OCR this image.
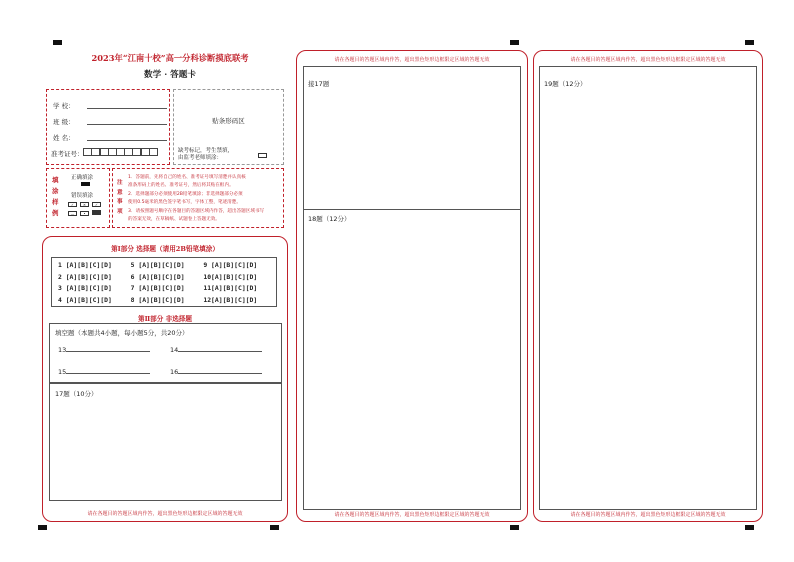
2023年“江南十校”高一分科诊断摸底联考
数学 · 答题卡
学 校：
班 级：
姓 名：
准考证号：
贴条形码区
缺考标记，考生禁填，
由监考老师填涂：
填涂样例
正确填涂
错误填涂
✓	✕	✓
—	•
注意事项
1．答题前，先将自己的姓名、准考证号填写清楚并认真核
准条形码上的姓名、准考证号，然后将其贴在框内。
2．选择题部分必须使用2B铅笔填涂；非选择题部分必须
使用0.5毫米的黑色签字笔书写，字体工整，笔迹清楚。
3．请按照题号顺序在各题目的答题区域内作答，超出答题区域书写
的答案无效，在草稿纸、试题卷上答题无效。
第Ⅰ部分 选择题（请用2B铅笔填涂）
1 [A][B][C][D]	5 [A][B][C][D]	9 [A][B][C][D]
2 [A][B][C][D]	6 [A][B][C][D]	10[A][B][C][D]
3 [A][B][C][D]	7 [A][B][C][D]	11[A][B][C][D]
4 [A][B][C][D]	8 [A][B][C][D]	12[A][B][C][D]
第Ⅱ部分 非选择题
填空题（本题共4小题，每小题5分，共20分）
13	14
15	16
17题（10分）
请在各题目的答题区域内作答，超出黑色矩形边框限定区域的答题无效
请在各题目的答题区域内作答，超出黑色矩形边框限定区域的答题无效
接17题
18题（12分）
请在各题目的答题区域内作答，超出黑色矩形边框限定区域的答题无效
请在各题目的答题区域内作答，超出黑色矩形边框限定区域的答题无效
19题（12分）
请在各题目的答题区域内作答，超出黑色矩形边框限定区域的答题无效
